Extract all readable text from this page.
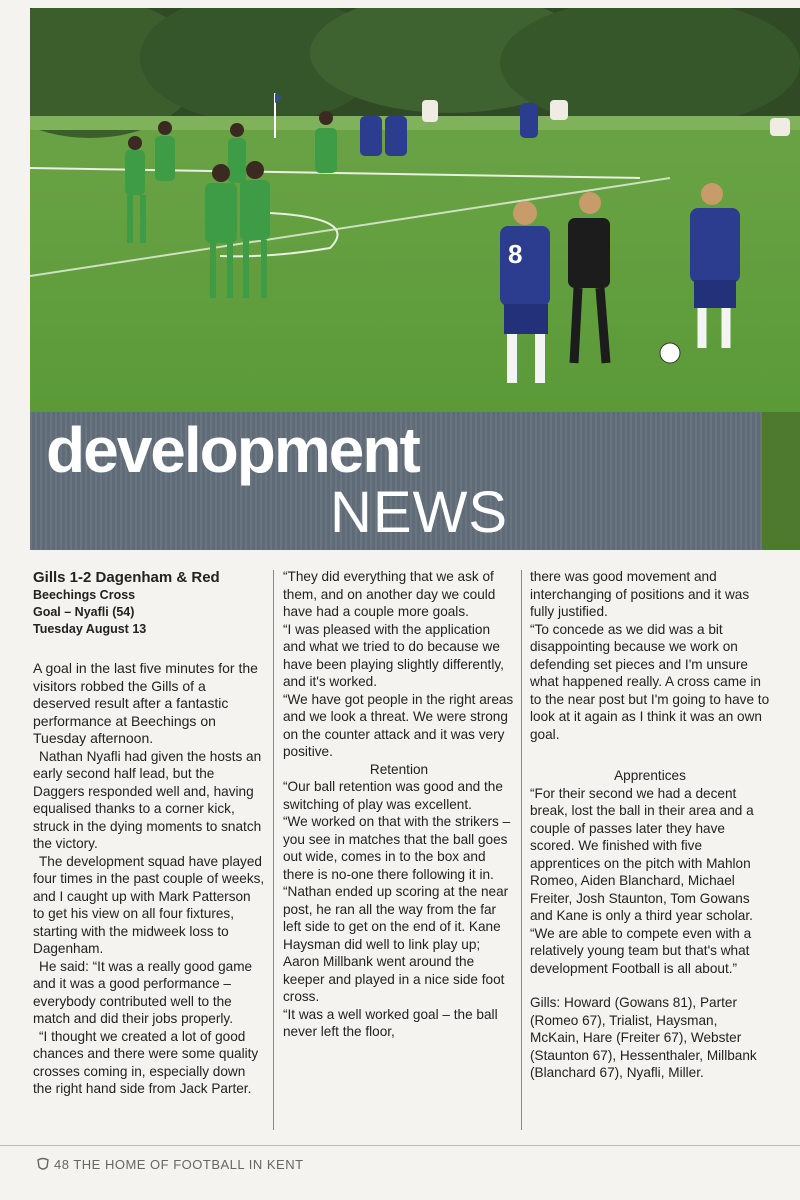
8
development
NEWS

Gills 1-2 Dagenham & Red

Beechings Cross

Goal – Nyafli (54)

Tuesday August 13

A goal in the last five minutes for the visitors robbed the Gills of a deserved result after a fantastic performance at Beechings on Tuesday afternoon.

Nathan Nyafli had given the hosts an early second half lead, but the Daggers responded well and, having equalised thanks to a corner kick, struck in the dying moments to snatch the victory.

The development squad have played four times in the past couple of weeks, and I caught up with Mark Patterson to get his view on all four fixtures, starting with the midweek loss to Dagenham.

He said: “It was a really good game and it was a good performance – everybody contributed well to the match and did their jobs properly.

“I thought we created a lot of good chances and there were some quality crosses coming in, especially down the right hand side from Jack Parter.

“They did everything that we ask of them, and on another day we could have had a couple more goals.

“I was pleased with the application and what we tried to do because we have been playing slightly differently, and it's worked.

“We have got people in the right areas and we look a threat. We were strong on the counter attack and it was very positive.

Retention

“Our ball retention was good and the switching of play was excellent.

“We worked on that with the strikers – you see in matches that the ball goes out wide, comes in to the box and there is no-one there following it in.

“Nathan ended up scoring at the near post, he ran all the way from the far left side to get on the end of it. Kane Haysman did well to link play up; Aaron Millbank went around the keeper and played in a nice side foot cross.

“It was a well worked goal – the ball never left the floor,

there was good movement and interchanging of positions and it was fully justified.

“To concede as we did was a bit disappointing because we work on defending set pieces and I'm unsure what happened really. A cross came in to the near post but I'm going to have to look at it again as I think it was an own goal.

Apprentices

“For their second we had a decent break, lost the ball in their area and a couple of passes later they have scored. We finished with five apprentices on the pitch with Mahlon Romeo, Aiden Blanchard, Michael Freiter, Josh Staunton, Tom Gowans and Kane is only a third year scholar.

“We are able to compete even with a relatively young team but that's what development Football is all about.”

Gills: Howard (Gowans 81), Parter (Romeo 67), Trialist, Haysman, McKain, Hare (Freiter 67), Webster (Staunton 67), Hessenthaler, Millbank (Blanchard 67), Nyafli, Miller.

48 THE HOME OF FOOTBALL IN KENT
